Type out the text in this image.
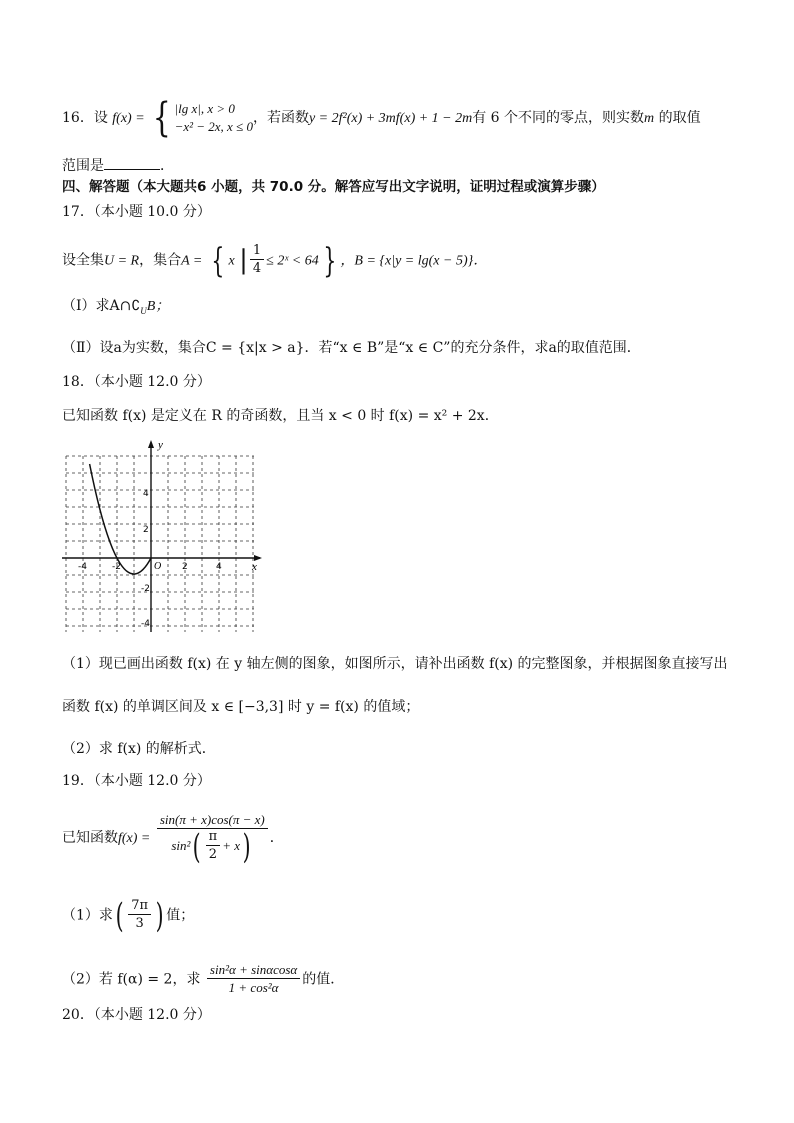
16．设 f(x) = { |lg x|, x > 0
−x² − 2x, x ≤ 0
，若函数y = 2f²(x) + 3mf(x) + 1 − 2m有 6 个不同的零点，则实数m 的取值
范围是	．
四、解答题（本大题共6 小题，共 70.0 分。解答应写出文字说明，证明过程或演算步骤）
17．（本小题 10.0 分）
设全集U = R，集合A = { x | $\frac{1}{4}$ ≤ 2ˣ < 64 } ，B = {x|y = lg(x − 5)}．
（Ⅰ）求$A\cap∁_UB$；
（Ⅱ）设a为实数，集合C = {x|x > a}．若“x ∈ B”是“x ∈ C”的充分条件，求a的取值范围．
18．（本小题 12.0 分）
已知函数 f(x) 是定义在 R 的奇函数，且当 x < 0 时 f(x) = x² + 2x．
y
x
O
-4	-2	2	4
4
2
-2
-4
（1）现已画出函数 f(x) 在 y 轴左侧的图象，如图所示，请补出函数 f(x) 的完整图象，并根据图象直接写出
函数 f(x) 的单调区间及 x ∈ [−3,3] 时 y = f(x) 的值域；
（2）求 f(x) 的解析式．
19．（本小题 12.0 分）
已知函数$f(x) = \frac{\sin(\pi + x)\cos(\pi - x)}{\sin^2( \frac{\pi}{2} + x)}$ ．
（1）求( $\frac{7\pi}{3}$ ) 值；
（2）若 f(α) = 2，求 $\frac{\text{sin²α + sinαcosα}}{\text{1 + cos²α}}$ 的值．
20．（本小题 12.0 分）
